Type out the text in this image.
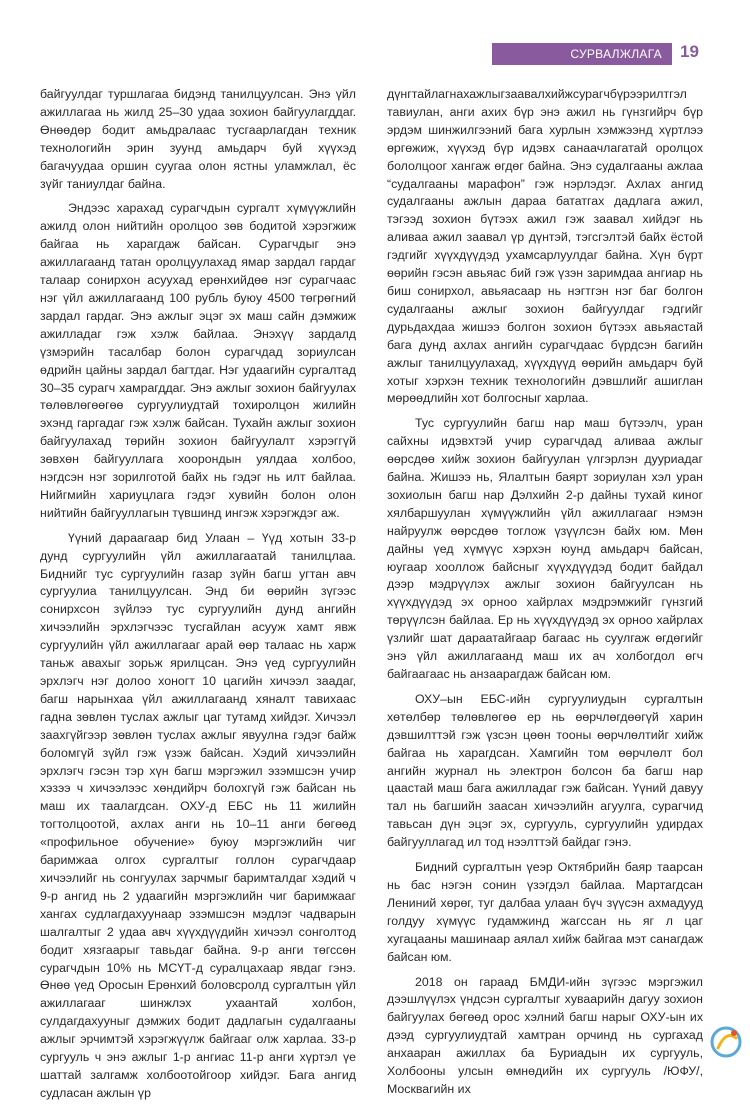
СУРВАЛЖЛАГА 19

байгуулдаг туршлагаа бидэнд танилцуулсан. Энэ үйл ажиллагаа нь жилд 25–30 удаа зохион байгуулагддаг. Өнөөдөр бодит амьдралаас тусгаарлагдан техник технологийн эрин зуунд амьдарч буй хүүхэд багачуудаа оршин суугаа олон ястны уламжлал, ёс зүйг таниулдаг байна.

Эндээс харахад сурагчдын сургалт хүмүүжлийн ажилд олон нийтийн оролцоо зөв бодитой хэрэгжиж байгаа нь харагдаж байсан. Сурагчдыг энэ ажиллагаанд татан оролцуулахад ямар зардал гардаг талаар сонирхон асуухад ерөнхийдөө нэг сурагчаас нэг үйл ажиллагаанд 100 рубль буюу 4500 төгрөгний зардал гардаг. Энэ ажлыг эцэг эх маш сайн дэмжиж ажилладаг гэж хэлж байлаа. Энэхүү зардалд үзмэрийн тасалбар болон сурагчдад зориулсан өдрийн цайны зардал багтдаг. Нэг удаагийн сургалтад 30–35 сурагч хамрагддаг. Энэ ажлыг зохион байгуулах төлөвлөгөөгөө сургуулиудтай тохиролцон жилийн эхэнд гаргадаг гэж хэлж байсан. Тухайн ажлыг зохион байгуулахад төрийн зохион байгуулалт хэрэггүй зөвхөн байгууллага хоорондын уялдаа холбоо, нэгдсэн нэг зорилготой байх нь гэдэг нь илт байлаа. Нийгмийн хариуцлага гэдэг хувийн болон олон нийтийн байгууллагын түвшинд ингэж хэрэгждэг аж.

Үүний дараагаар бид Улаан – Үүд хотын 33-р дунд сургуулийн үйл ажиллагаатай танилцлаа. Биднийг тус сургуулийн газар зүйн багш угтан авч сургуулиа танилцуулсан. Энд би өөрийн зүгээс сонирхсон зүйлээ тус сургуулийн дунд ангийн хичээлийн эрхлэгчээс тусгайлан асууж хамт явж сургуулийн үйл ажиллагааг арай өөр талаас нь харж таньж авахыг зорьж ярилцсан. Энэ үед сургуулийн эрхлэгч нэг долоо хоногт 10 цагийн хичээл заадаг, багш нарынхаа үйл ажиллагаанд хяналт тавихаас гадна зөвлөн туслах ажлыг цаг тутамд хийдэг. Хичээл заахгүйгээр зөвлөн туслах ажлыг явуулна гэдэг байж боломгүй зүйл гэж үзэж байсан. Хэдий хичээлийн эрхлэгч гэсэн тэр хүн багш мэргэжил эзэмшсэн учир хэзээ ч хичээлээс хөндийрч болохгүй гэж байсан нь маш их таалагдсан. ОХУ-д ЕБС нь 11 жилийн тогтолцоотой, ахлах анги нь 10–11 анги бөгөөд «профильное обучение» буюу мэргэжлийн чиг баримжаа олгох сургалтыг голлон сурагчдаар хичээлийг нь сонгуулах зарчмыг баримталдаг хэдий ч 9-р ангид нь 2 удаагийн мэргэжлийн чиг баримжааг хангах судлагдахуунаар эзэмшсэн мэдлэг чадварын шалгалтыг 2 удаа авч хүүхдүүдийн хичээл сонголтод бодит хязгаарыг тавьдаг байна. 9-р анги төгссөн сурагчдын 10% нь МСҮТ-д суралцахаар явдаг гэнэ. Өнөө үед Оросын Ерөнхий боловсролд сургалтын үйл ажиллагааг шинжлэх ухаантай холбон, сулдагдахууныг дэмжих бодит дадлагын судалгааны ажлыг эрчимтэй хэрэгжүүлж байгааг олж харлаа. 33-р сургууль ч энэ ажлыг 1-р ангиас 11-р анги хүртэл үе шаттай залгамж холбоотойгоор хийдэг. Бага ангид судласан ажлын үр

дүнгтайлагнахажлыгзаавалхийжсурагчбүрээрилтгэл тавиулан, анги ахих бүр энэ ажил нь гүнзгийрч бүр эрдэм шинжилгээний бага хурлын хэмжээнд хүртлээ өргөжиж, хүүхэд бүр идэвх санаачлагатай оролцох бололцоог хангаж өгдөг байна. Энэ судалгааны ажлаа “судалгааны марафон” гэж нэрлэдэг. Ахлах ангид судалгааны ажлын дараа бататгах дадлага ажил, тэгээд зохион бүтээх ажил гэж заавал хийдэг нь аливаа ажил заавал үр дүнтэй, тэгсгэлтэй байх ёстой гэдгийг хүүхдүүдэд ухамсарлуулдаг байна. Хүн бүрт өөрийн гэсэн авьяас бий гэж үзэн заримдаа ангиар нь биш сонирхол, авьяасаар нь нэгтгэн нэг баг болгон судалгааны ажлыг зохион байгуулдаг гэдгийг дурьдахдаа жишээ болгон зохион бүтээх авьяастай бага дунд ахлах ангийн сурагчдаас бүрдсэн багийн ажлыг танилцуулахад, хүүхдүүд өөрийн амьдарч буй хотыг хэрхэн техник технологийн дэвшлийг ашиглан мөрөөдлийн хот болгосныг харлаа.

Тус сургуулийн багш нар маш бүтээлч, уран сайхны идэвхтэй учир сурагчдад аливаа ажлыг өөрсдөө хийж зохион байгуулан үлгэрлэн дууриадаг байна. Жишээ нь, Ялалтын баярт зориулан хэл уран зохиолын багш нар Дэлхийн 2-р дайны тухай киног хялбаршуулан хүмүүжлийн үйл ажиллагааг нэмэн найруулж өөрсдөө тоглож үзүүлсэн байх юм. Мөн дайны үед хүмүүс хэрхэн юунд амьдарч байсан, юугаар хооллож байсныг хүүхдүүдэд бодит байдал дээр мэдрүүлэх ажлыг зохион байгуулсан нь хүүхдүүдэд эх орноо хайрлах мэдрэмжийг гүнзгий төрүүлсэн байлаа. Ер нь хүүхдүүдэд эх орноо хайрлах үзлийг шат дараатайгаар багаас нь суулгаж өгдөгийг энэ үйл ажиллагаанд маш их ач холбогдол өгч байгаагаас нь анзаарагдаж байсан юм.

ОХУ–ын ЕБС-ийн сургуулиудын сургалтын хөтөлбөр төлөвлөгөө ер нь өөрчлөгдөөгүй харин дэвшилттэй гэж үзсэн цөөн тооны өөрчлөлтийг хийж байгаа нь харагдсан. Хамгийн том өөрчлөлт бол ангийн журнал нь электрон болсон ба багш нар цаастай маш бага ажилладаг гэж байсан. Үүний давуу тал нь багшийн заасан хичээлийн агуулга, сурагчид тавьсан дүн эцэг эх, сургууль, сургуулийн удирдах байгууллагад ил тод нээлттэй байдаг гэнэ.

Бидний сургалтын үеэр Октябрийн баяр таарсан нь бас нэгэн сонин үзэгдэл байлаа. Мартагдсан Лениний хөрөг, туг далбаа улаан бүч зүүсэн ахмадууд голдуу хүмүүс гудамжинд жагссан нь яг л цаг хугацааны машинаар аялал хийж байгаа мэт санагдаж байсан юм.

2018 он гараад БМДИ-ийн зүгээс мэргэжил дээшлүүлэх үндсэн сургалтыг хуваарийн дагуу зохион байгуулах бөгөөд орос хэлний багш нарыг ОХУ-ын их дээд сургуулиудтай хамтран орчинд нь сургахад анхааран ажиллах ба Буриадын их сургууль, Холбооны улсын өмнөдийн их сургууль /ЮФУ/, Москвагийн их
